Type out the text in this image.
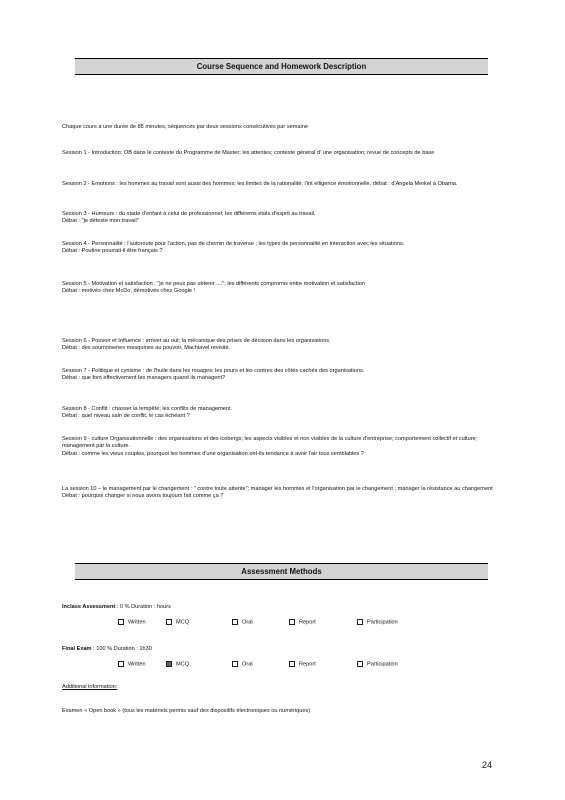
Course Sequence and Homework Description
Chaque cours a une durée de 85 minutes, séquencés par deux sessions consécutives par semaine
Session 1 - Introduction: OB dans le contexte du Programme de Master; les attentes; contexte général d' une organisation; revue de concepts de base
Session 2 - Emotions : les hommes au travail sont aussi des hommes; les limites de la rationalité; l'int elligence émotionnelle. débat : d'Angela Merkel à Obama.
Session 3 - Humeurs : du stade d'enfant à celui de professionnel; les différents états d'esprit au travail.
Débat : "je déteste mon travail"
Session 4 - Personnalité : l'autoroute pour l'action, pas de chemin de traverse ; les types de personnalité en interaction avec les situations.
Débat : Poutine pourrait-il être français ?
Session 5 - Motivation et satisfaction : "je ne peux pas obtenir ...."; les différents compromis entre motivation et satisfaction
Débat : motivés chez McDo, démotivés chez Google !
Session 6 - Pouvoir et Influence : arriver au out; la mécanique des prises de décision dans les organisations.
Débat : des soumoiseries mesquines au pouvoir, Machiavel revisité.
Session 7 - Politique et cynisme : de l'huile dans les rouages; les pours et les contres des côtés cachés des organisations.
Débat : que font effectivement les managers quand ils managent?
Session 8 - Conflit : chasser la tempête; les conflits de management.
Débat : quel niveau sain de conflit, le cas échéant ?
Session 9 - culture Organisationnelle : des organisations et des icebergs; les aspects visibles et non visibles de la culture d'entreprise; comportement collectif et culture; management par la culture.
Débat : comme les vieux couples, pourquoi les hommes d'une organisation ont-ils tendance à avoir l'air tous semblables ?
La session 10 – le management par le changement : " contre toute attente"; manager les hommes et l'organisation par le changement ; manager la résistance au changement
Débat : pourquoi changer si nous avons toujours fait comme ça ?
Assessment Methods
Inclass Assessment : 0 % Duration : hours
Written	MCQ	Oral	Report	Participation
Final Exam : 100 % Duration : 1h30
Written	MCQ	Oral	Report	Participation
Additional information:
Examen « Open book » (tous les matériels permis sauf des dispositifs électroniques ou numériques)
24
